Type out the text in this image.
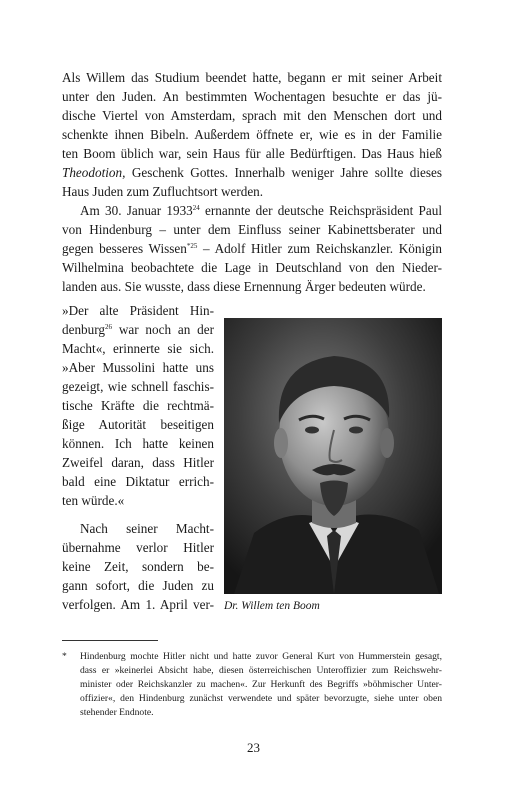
Als Willem das Studium beendet hatte, begann er mit seiner Arbeit
unter den Juden. An bestimmten Wochentagen besuchte er das jü-
dische Viertel von Amsterdam, sprach mit den Menschen dort und
schenkte ihnen Bibeln. Außerdem öffnete er, wie es in der Familie
ten Boom üblich war, sein Haus für alle Bedürftigen. Das Haus hieß
Theodotion, Geschenk Gottes. Innerhalb weniger Jahre sollte dieses
Haus Juden zum Zufluchtsort werden.
Am 30. Januar 1933$^{24}$ ernannte der deutsche Reichspräsident Paul
von Hindenburg – unter dem Einfluss seiner Kabinettsberater und
gegen besseres Wissen$^{*25}$ – Adolf Hitler zum Reichskanzler. Königin
Wilhelmina beobachtete die Lage in Deutschland von den Nieder-
landen aus. Sie wusste, dass diese Ernennung Ärger bedeuten würde.
»Der alte Präsident Hin-
denburg$^{26}$ war noch an der
Macht«, erinnerte sie sich.
»Aber Mussolini hatte uns
gezeigt, wie schnell faschis-
tische Kräfte die rechtmä-
ßige Autorität beseitigen
können. Ich hatte keinen
Zweifel daran, dass Hitler
bald eine Diktatur errich-
ten würde.«
Nach seiner Macht-
übernahme verlor Hitler
keine Zeit, sondern be-
gann sofort, die Juden zu
verfolgen. Am 1. April ver- Dr. Willem ten Boom
* Hindenburg mochte Hitler nicht und hatte zuvor General Kurt von Hummerstein gesagt,
dass er »keinerlei Absicht habe, diesen österreichischen Unteroffizier zum Reichswehr-
minister oder Reichskanzler zu machen«. Zur Herkunft des Begriffs »böhmischer Unter-
offizier«, den Hindenburg zunächst verwendete und später bevorzugte, siehe unter oben
stehender Endnote.
23
